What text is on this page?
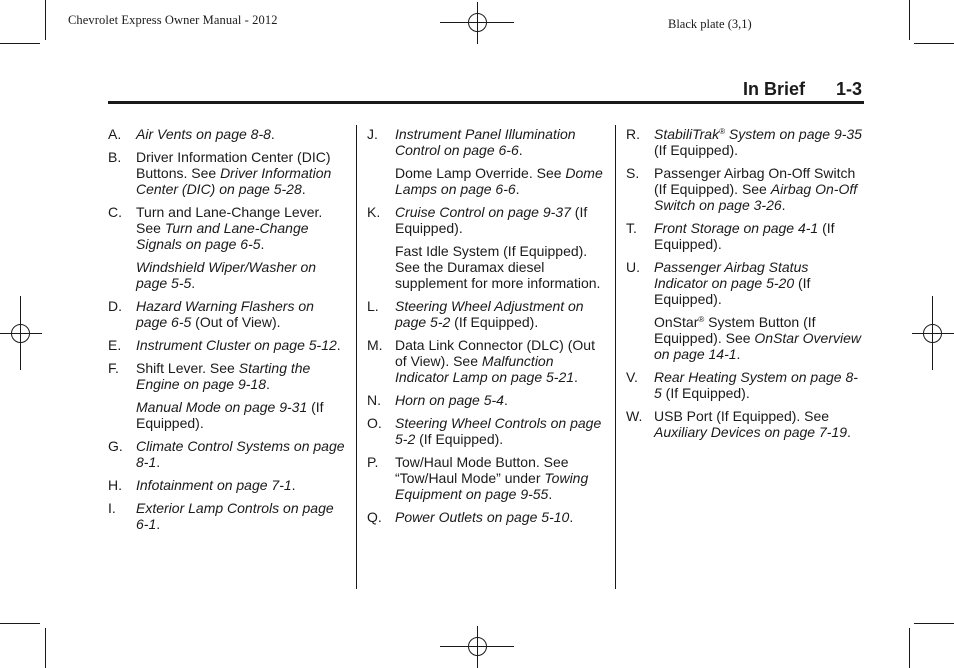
Chevrolet Express Owner Manual - 2012	Black plate (3,1)
In Brief 1-3
A.	Air Vents on page 8-8.
B.	Driver Information Center (DIC) Buttons. See Driver Information Center (DIC) on page 5-28.
C.	Turn and Lane-Change Lever. See Turn and Lane-Change Signals on page 6-5.
Windshield Wiper/Washer on page 5-5.
D.	Hazard Warning Flashers on page 6-5 (Out of View).
E.	Instrument Cluster on page 5-12.
F.	Shift Lever. See Starting the Engine on page 9-18.
Manual Mode on page 9-31 (If Equipped).
G. Climate Control Systems on page 8-1.
H.	Infotainment on page 7-1.
I.	Exterior Lamp Controls on page 6-1.
J.	Instrument Panel Illumination Control on page 6-6.
Dome Lamp Override. See Dome Lamps on page 6-6.
K.	Cruise Control on page 9-37 (If Equipped).
Fast Idle System (If Equipped). See the Duramax diesel supplement for more information.
L.	Steering Wheel Adjustment on page 5-2 (If Equipped).
M. Data Link Connector (DLC) (Out of View). See Malfunction Indicator Lamp on page 5-21.
N.	Horn on page 5-4.
O. Steering Wheel Controls on page 5-2 (If Equipped).
P.	Tow/Haul Mode Button. See “Tow/Haul Mode” under Towing Equipment on page 9-55.
Q. Power Outlets on page 5-10.
R.	StabiliTrak® System on page 9-35 (If Equipped).
S.	Passenger Airbag On-Off Switch (If Equipped). See Airbag On-Off Switch on page 3-26.
T.	Front Storage on page 4-1 (If Equipped).
U.	Passenger Airbag Status Indicator on page 5-20 (If Equipped).
OnStar® System Button (If Equipped). See OnStar Overview on page 14-1.
V.	Rear Heating System on page 8-5 (If Equipped).
W. USB Port (If Equipped). See Auxiliary Devices on page 7-19.
